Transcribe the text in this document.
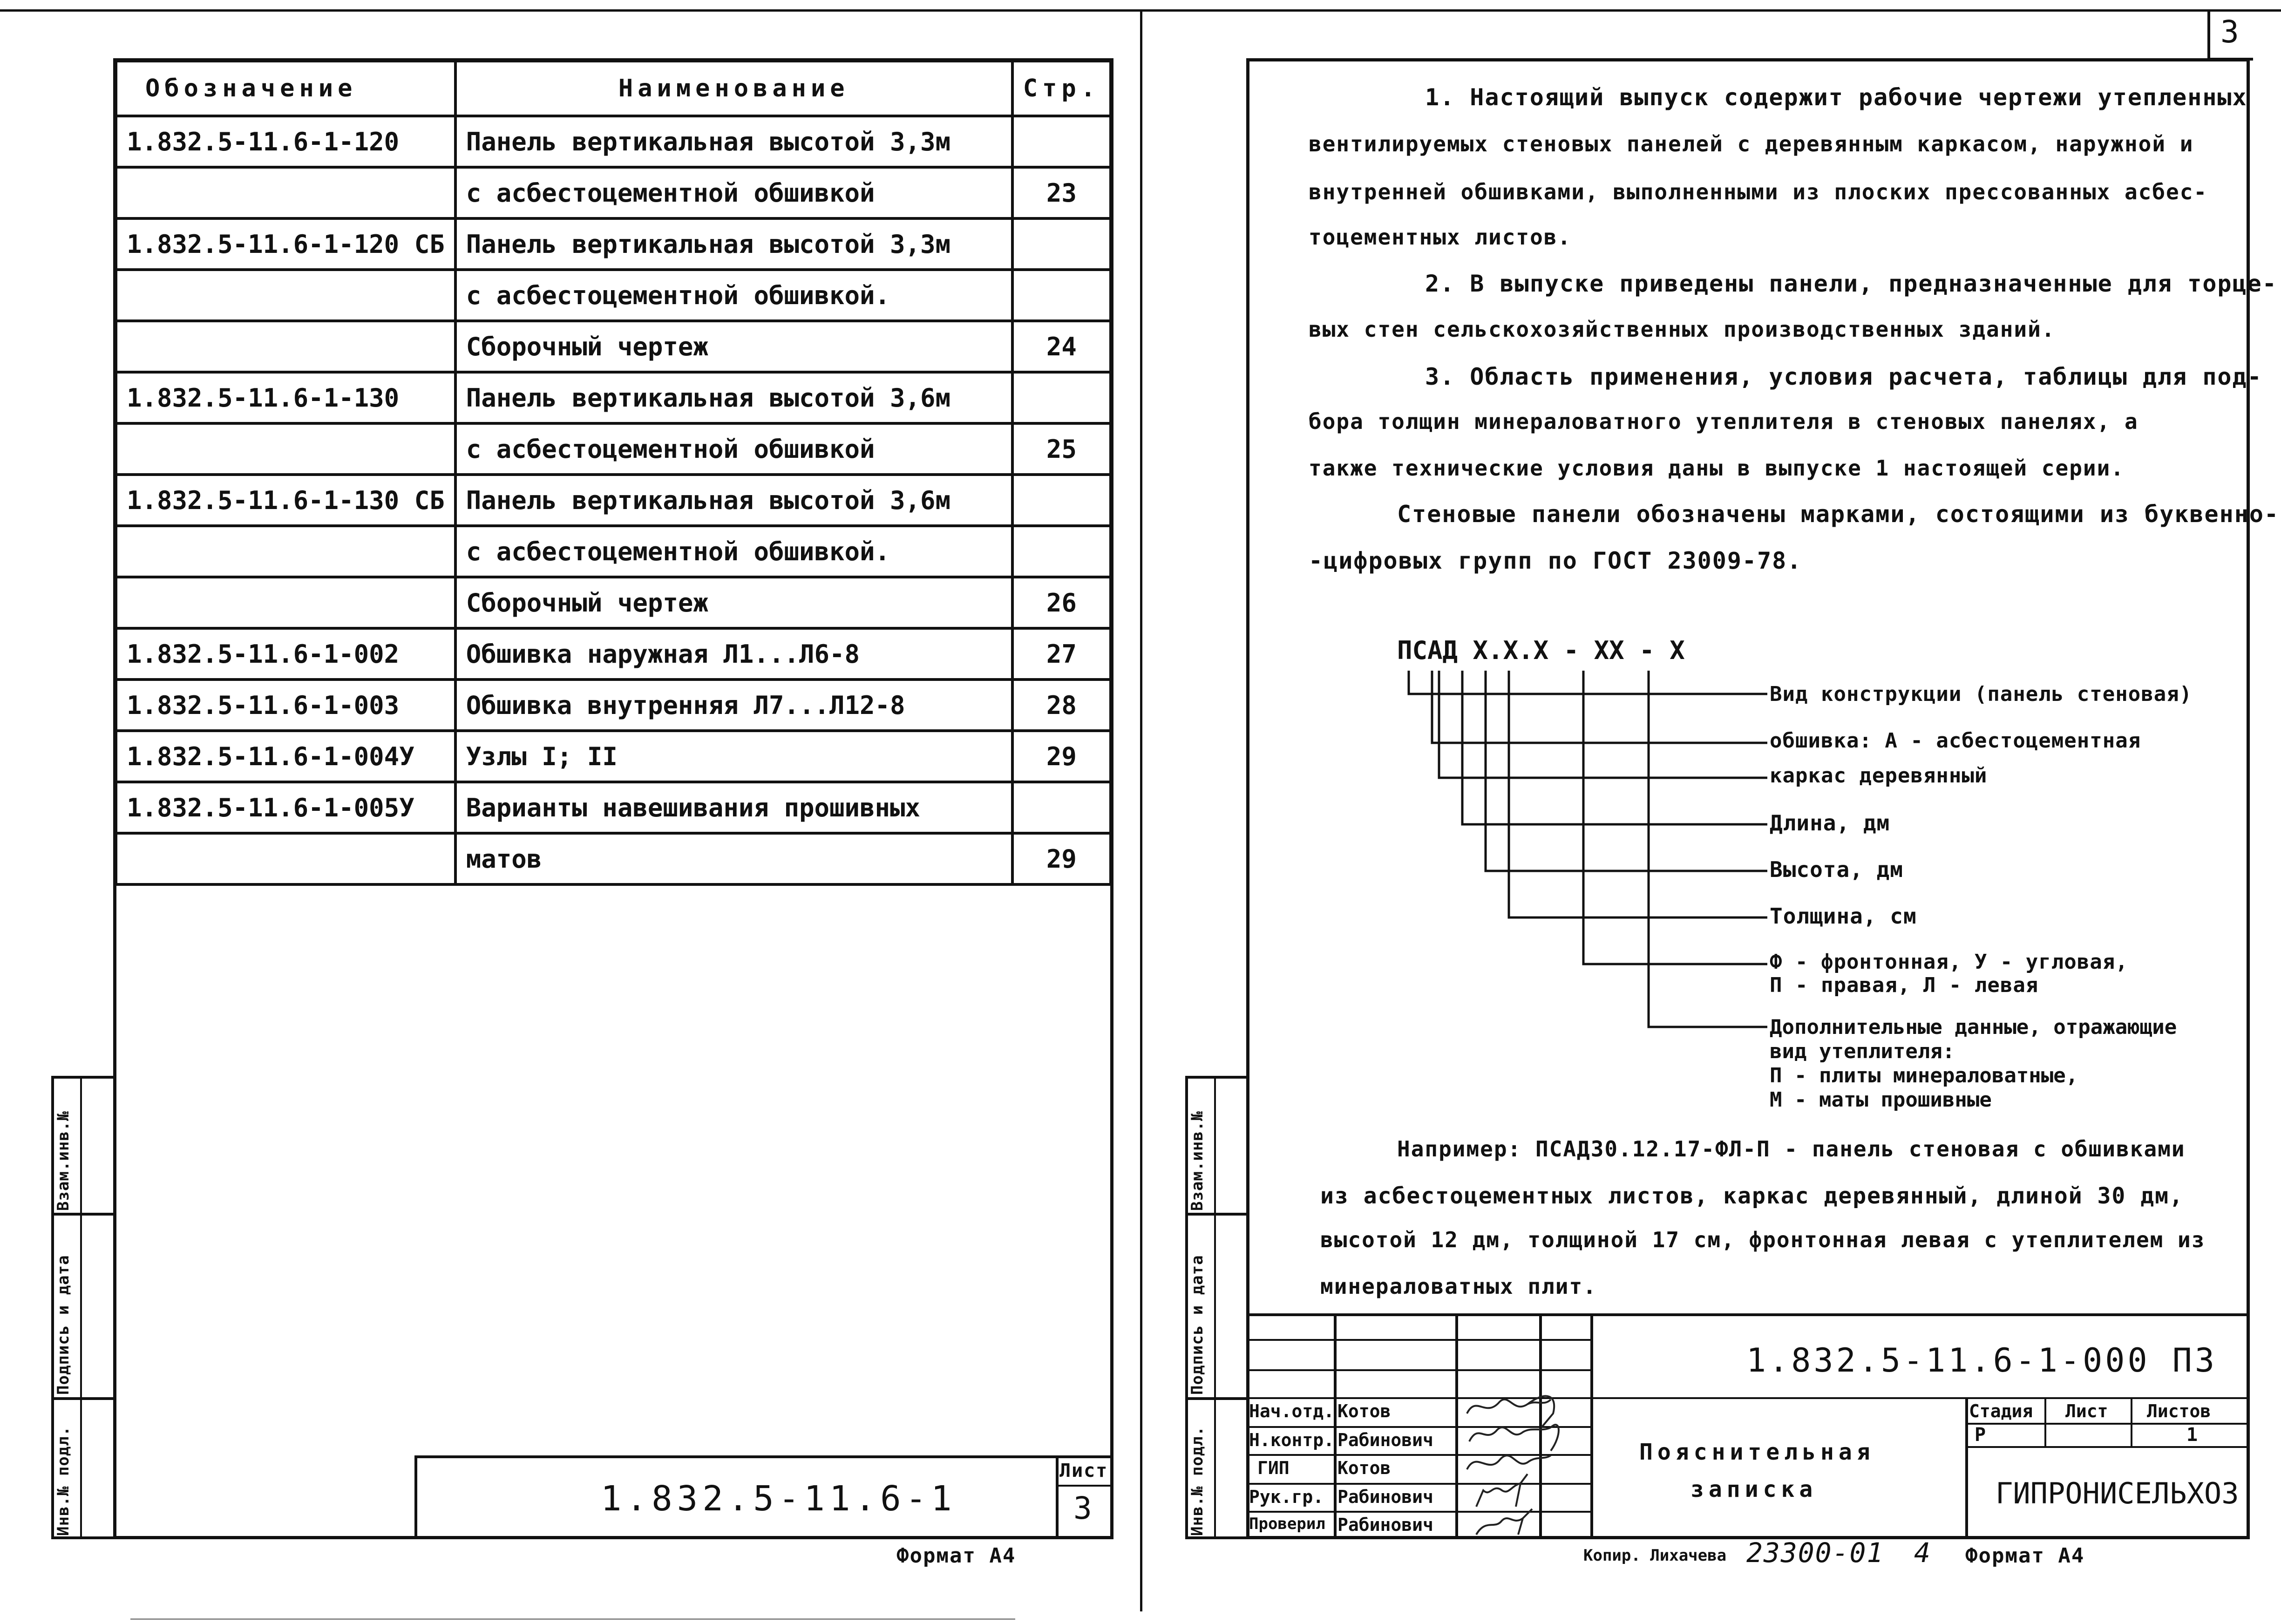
Обозначение	Наименование	Стр.
1.832.5-11.6-1-120	Панель вертикальная высотой 3,3м	
	с асбестоцементной обшивкой	23
1.832.5-11.6-1-120 СБ	Панель вертикальная высотой 3,3м	
	с асбестоцементной обшивкой.	
	Сборочный чертеж	24
1.832.5-11.6-1-130	Панель вертикальная высотой 3,6м	
	с асбестоцементной обшивкой	25
1.832.5-11.6-1-130 СБ	Панель вертикальная высотой 3,6м	
	с асбестоцементной обшивкой.	
	Сборочный чертеж	26
1.832.5-11.6-1-002	Обшивка наружная Л1...Л6-8	27
1.832.5-11.6-1-003	Обшивка внутренняя Л7...Л12-8	28
1.832.5-11.6-1-004У	Узлы I; II	29
1.832.5-11.6-1-005У	Варианты навешивания прошивных	
	матов	29
Взам.инв.№
Подпись и дата
Инв.№ подл.	1.832.5-11.6-1
Лист
3
Формат А4
3
1. Настоящий выпуск содержит рабочие чертежи утепленных
вентилируемых стеновых панелей с деревянным каркасом, наружной и
внутренней обшивками, выполненными из плоских прессованных асбес-
тоцементных листов.
2. В выпуске приведены панели, предназначенные для торце-
вых стен сельскохозяйственных производственных зданий.
3. Область применения, условия расчета, таблицы для под-
бора толщин минераловатного утеплителя в стеновых панелях, а
также технические условия даны в выпуске 1 настоящей серии.
Стеновые панели обозначены марками, состоящими из буквенно-
-цифровых групп по ГОСТ 23009-78.
ПСАД X.X.X - XX - X
Вид конструкции (панель стеновая)
обшивка: А - асбестоцементная
каркас деревянный
Длина, дм
Высота, дм
Толщина, см
Ф - фронтонная, У - угловая,
П - правая, Л - левая
Дополнительные данные, отражающие
вид утеплителя:
П - плиты минераловатные,
М - маты прошивные
Например: ПСАД30.12.17-ФЛ-П - панель стеновая с обшивками
из асбестоцементных листов, каркас деревянный, длиной 30 дм,
высотой 12 дм, толщиной 17 см, фронтонная левая с утеплителем из
минераловатных плит.
Взам.инв.№
Подпись и дата
Инв.№ подл.
Нач.отд.
Н.контр.
ГИП
Рук.гр.
Проверил
Котов
Рабинович
Котов
Рабинович
Рабинович
1.832.5-11.6-1-000 ПЗ
Пояснительная
записка
Стадия Лист Листов
Р	1
ГИПРОНИСЕЛЬХОЗ
Копир. Лихачева 23300-01 4 Формат А4
